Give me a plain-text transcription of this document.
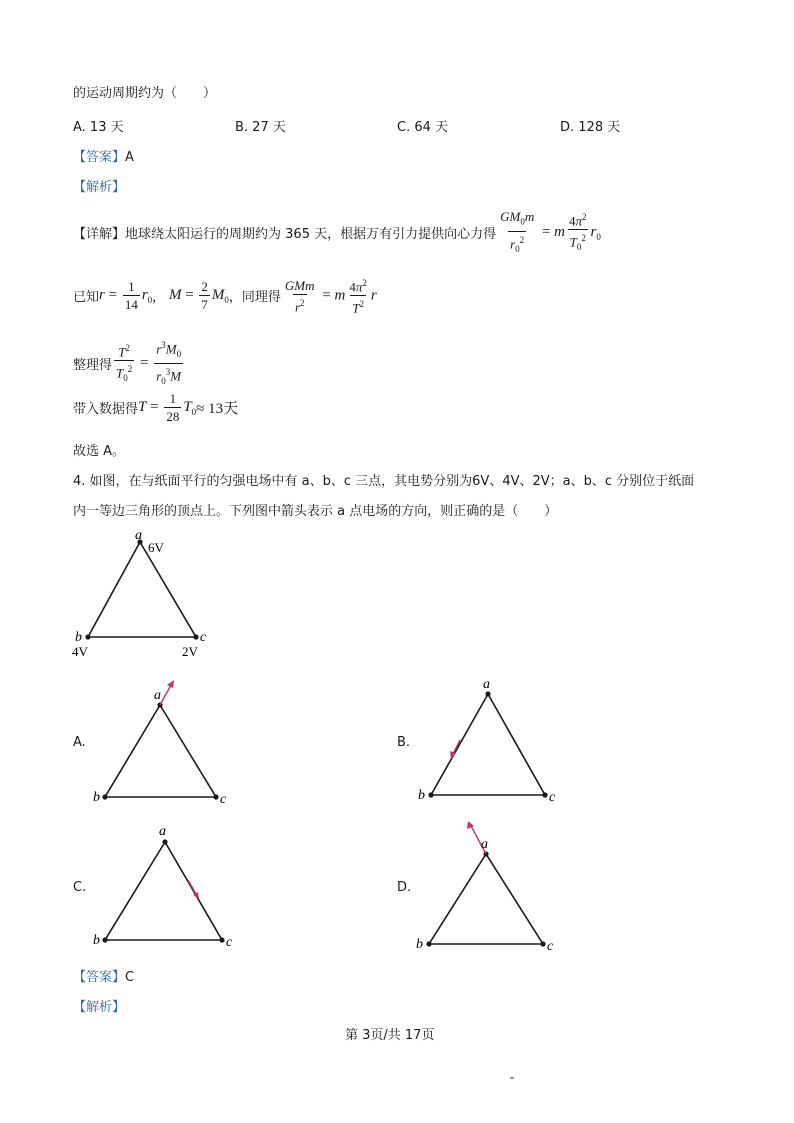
的运动周期约为（　　）
A. 13 天	B. 27 天	C. 64 天	D. 128 天
【答案】A
【解析】
【详解】 地球绕太阳运行的周期约为 365 天，根据万有引力提供向心力得 $\frac{GM_0m}{r_0^2} = m \frac{4\pi^2}{T_0^2} r_0$
已知 $r = \frac{1}{14} r_0$ ， $M = \frac{2}{7} M_0$ ，同理得 $\frac{\text{GMm}}{r^2} = m \frac{4\pi^2}{T^2}$ r
整理得 $\frac{T^2}{T_0^2} = \frac{r^3M_0}{r_0^3M}$
带入数据得 $T = \frac{1}{28} T_0 \approx 13$天
故选 A。
4. 如图，在与纸面平行的匀强电场中有 a、b、c 三点，其电势分别为6V、4V、2V；a、b、c 分别位于纸面
内一等边三角形的顶点上。下列图中箭头表示 a 点电场的方向，则正确的是（　　）
a
6V
b
4V
c
2V
A.
a
b	c
B.
a
b	c
C.
a
b	c
D.
a
b	c
【答案】C
【解析】
第 3页/共 17页
